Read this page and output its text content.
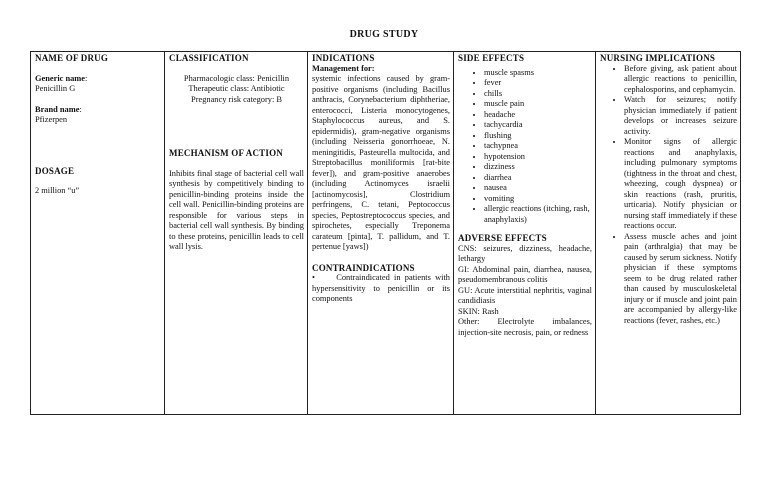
DRUG STUDY
NAME OF DRUG
Generic name:
Penicillin G
Brand name:
Pfizerpen
DOSAGE
2 million “u”

CLASSIFICATION
Pharmacologic class: Penicillin
Therapeutic class: Antibiotic
Pregnancy risk category: B
MECHANISM OF ACTION
Inhibits final stage of bacterial cell wall synthesis by competitively binding to penicillin-binding proteins inside the cell wall. Penicillin-binding proteins are responsible for various steps in bacterial cell wall synthesis. By binding to these proteins, penicillin leads to cell wall lysis.

INDICATIONS
Management for:
systemic infections caused by gram-positive organisms (including Bacillus anthracis, Corynebacterium diphtheriae, enterococci, Listeria monocytogenes, Staphylococcus aureus, and S. epidermidis), gram-negative organisms (including Neisseria gonorrhoeae, N. meningitidis, Pasteurella multocida, and Streptobacillus moniliformis [rat-bite fever]), and gram-positive anaerobes (including Actinomyces israelii [actinomycosis], Clostridium perfringens, C. tetani, Peptococcus species, Peptostreptococcus species, and spirochetes, especially Treponema carateum [pinta], T. pallidum, and T. pertenue [yaws])
CONTRAINDICATIONS
•     Contraindicated in patients with hypersensitivity to penicillin or its components

SIDE EFFECTS
• muscle spasms
• fever
• chills
• muscle pain
• headache
• tachycardia
• flushing
• tachypnea
• hypotension
• dizziness
• diarrhea
• nausea
• vomiting
• allergic reactions (itching, rash, anaphylaxis)
ADVERSE EFFECTS
CNS: seizures, dizziness, headache, lethargy
GI: Abdominal pain, diarrhea, nausea, pseudomembranous colitis
GU: Acute interstitial nephritis, vaginal candidiasis
SKIN: Rash
Other: Electrolyte imbalances, injection-site necrosis, pain, or redness

NURSING IMPLICATIONS
• Before giving, ask patient about allergic reactions to penicillin, cephalosporins, and cephamycin.
• Watch for seizures; notify physician immediately if patient develops or increases seizure activity.
• Monitor signs of allergic reactions and anaphylaxis, including pulmonary symptoms (tightness in the throat and chest, wheezing, cough dyspnea) or skin reactions (rash, pruritis, urticaria). Notify physician or nursing staff immediately if these reactions occur.
• Assess muscle aches and joint pain (arthralgia) that may be caused by serum sickness. Notify physician if these symptoms seem to be drug related rather than caused by musculoskeletal injury or if muscle and joint pain are accompanied by allergy-like reactions (fever, rashes, etc.)
